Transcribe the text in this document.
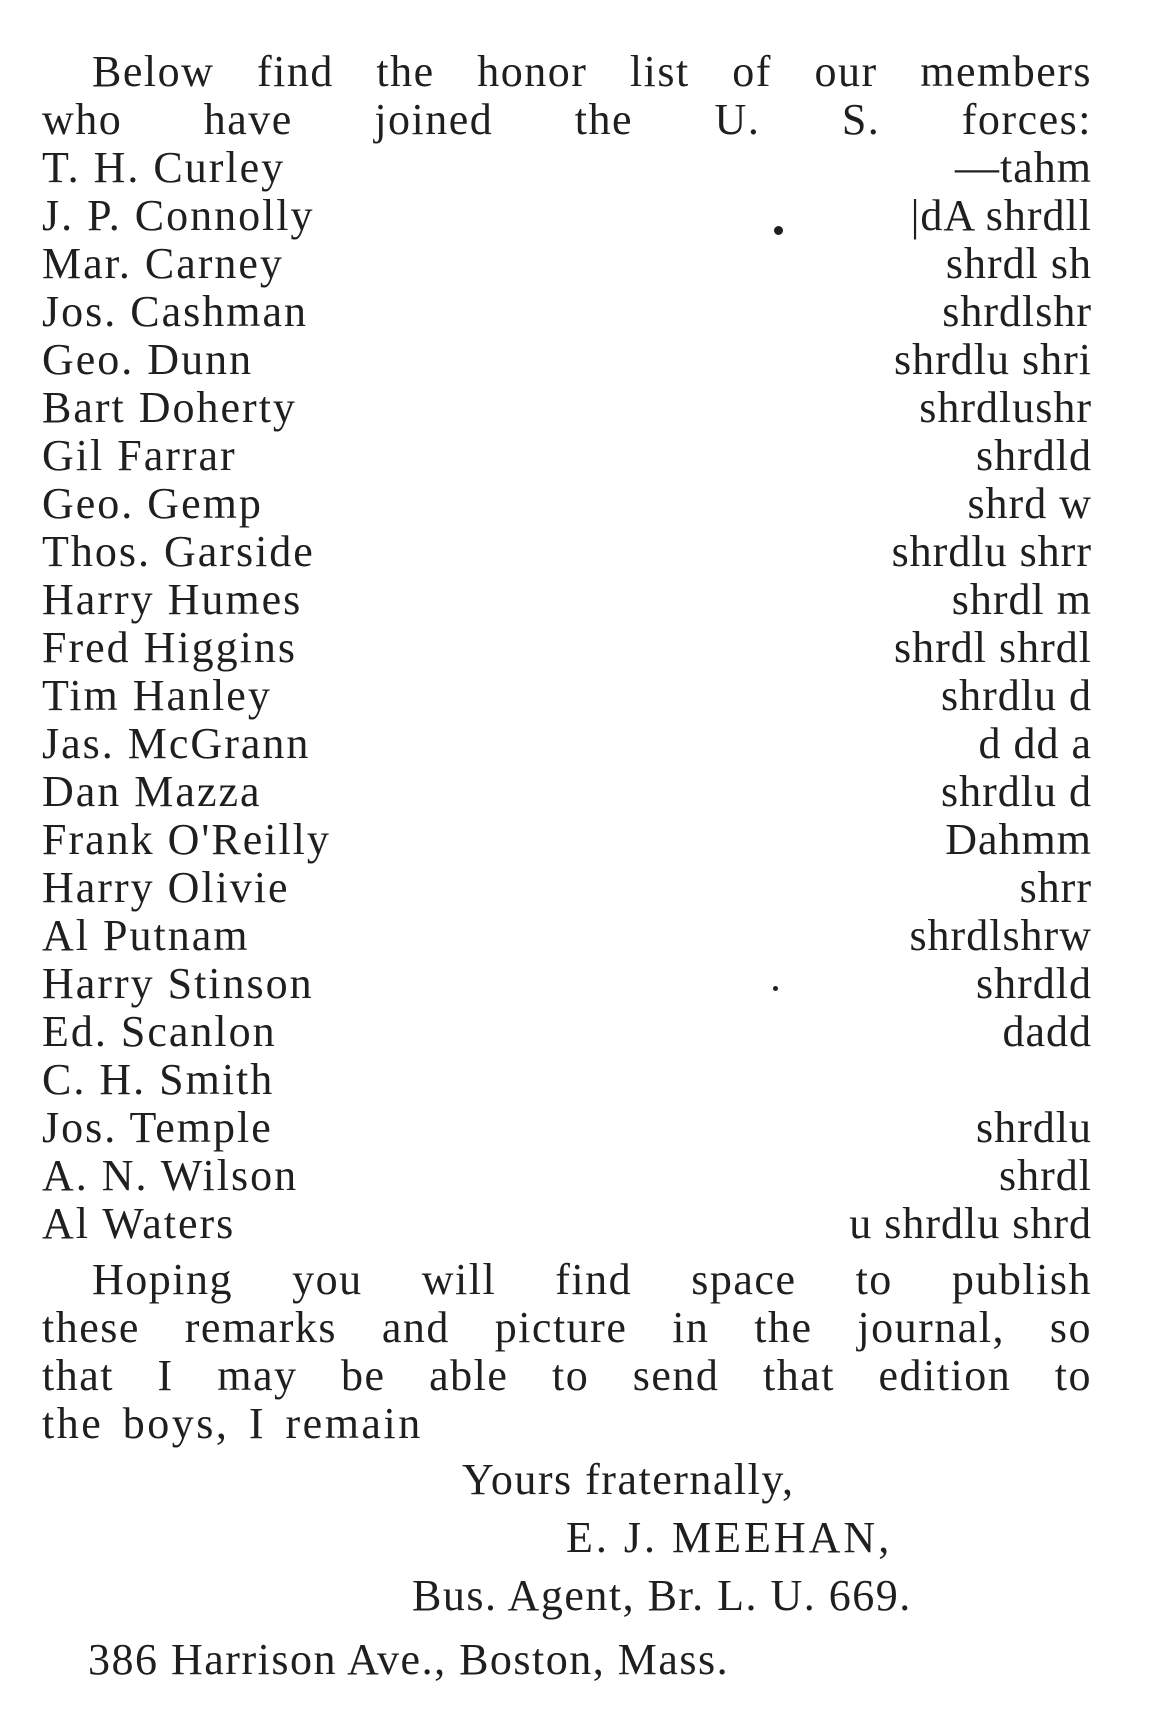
Below find the honor list of our members
who have joined the U. S. forces:
T. H. Curley	—tahm
J. P. Connolly	|dA shrdll
Mar. Carney	shrdl sh
Jos. Cashman	shrdlshr
Geo. Dunn	shrdlu shri
Bart Doherty	shrdlushr
Gil Farrar	shrdld
Geo. Gemp	shrd w
Thos. Garside	shrdlu shrr
Harry Humes	shrdl m
Fred Higgins	shrdl shrdl
Tim Hanley	shrdlu d
Jas. McGrann	d dd a
Dan Mazza	shrdlu d
Frank O'Reilly	Dahmm
Harry Olivie	shrr
Al Putnam	shrdlshrw
Harry Stinson	shrdld
Ed. Scanlon	dadd
C. H. Smith
Jos. Temple	shrdlu
A. N. Wilson	shrdl
Al Waters	u shrdlu shrd
Hoping you will find space to publish
these remarks and picture in the journal, so
that I may be able to send that edition to
the boys, I remain
Yours fraternally,
E. J. MEEHAN,
Bus. Agent, Br. L. U. 669.
386 Harrison Ave., Boston, Mass.
